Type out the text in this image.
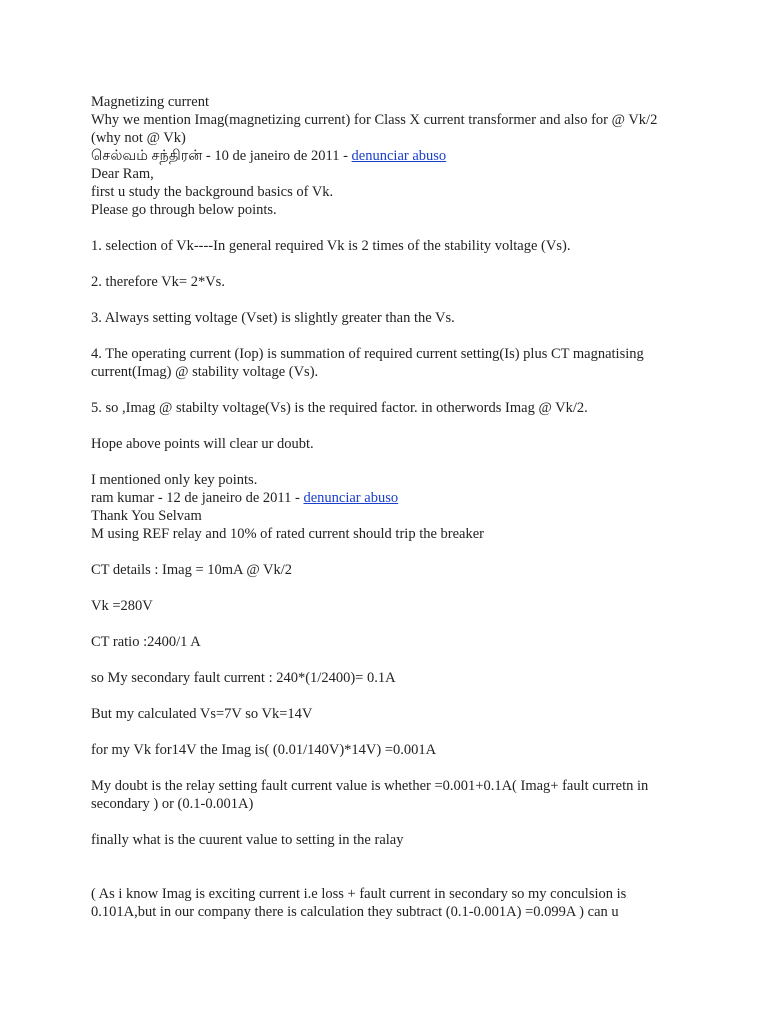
Magnetizing current

Why we mention Imag(magnetizing current) for Class X current transformer and also for @ Vk/2 (why not @ Vk)

செல்வம் சந்திரன் - 10 de janeiro de 2011 - denunciar abuso

Dear Ram,

first u study the background basics of Vk.

Please go through below points.

1. selection of Vk----In general required Vk is 2 times of the stability voltage (Vs).

2. therefore Vk= 2*Vs.

3. Always setting voltage (Vset) is slightly greater than the Vs.

4. The operating current (Iop) is summation of required current setting(Is) plus CT magnatising current(Imag) @ stability voltage (Vs).

5. so ,Imag @ stabilty voltage(Vs) is the required factor. in otherwords Imag @ Vk/2.

Hope above points will clear ur doubt.

I mentioned only key points.

ram kumar - 12 de janeiro de 2011 - denunciar abuso

Thank You Selvam

M using REF relay and 10% of rated current should trip the breaker

CT details : Imag = 10mA @ Vk/2

Vk =280V

CT ratio :2400/1 A

so My secondary fault current : 240*(1/2400)= 0.1A

But my calculated Vs=7V so Vk=14V

for my Vk for14V the Imag is( (0.01/140V)*14V) =0.001A

My doubt is the relay setting fault current value is whether =0.001+0.1A( Imag+ fault curretn in secondary ) or (0.1-0.001A)

finally what is the cuurent value to setting in the ralay

( As i know Imag is exciting current i.e loss + fault current in secondary so my conculsion is 0.101A,but in our company there is calculation they subtract (0.1-0.001A) =0.099A ) can u
